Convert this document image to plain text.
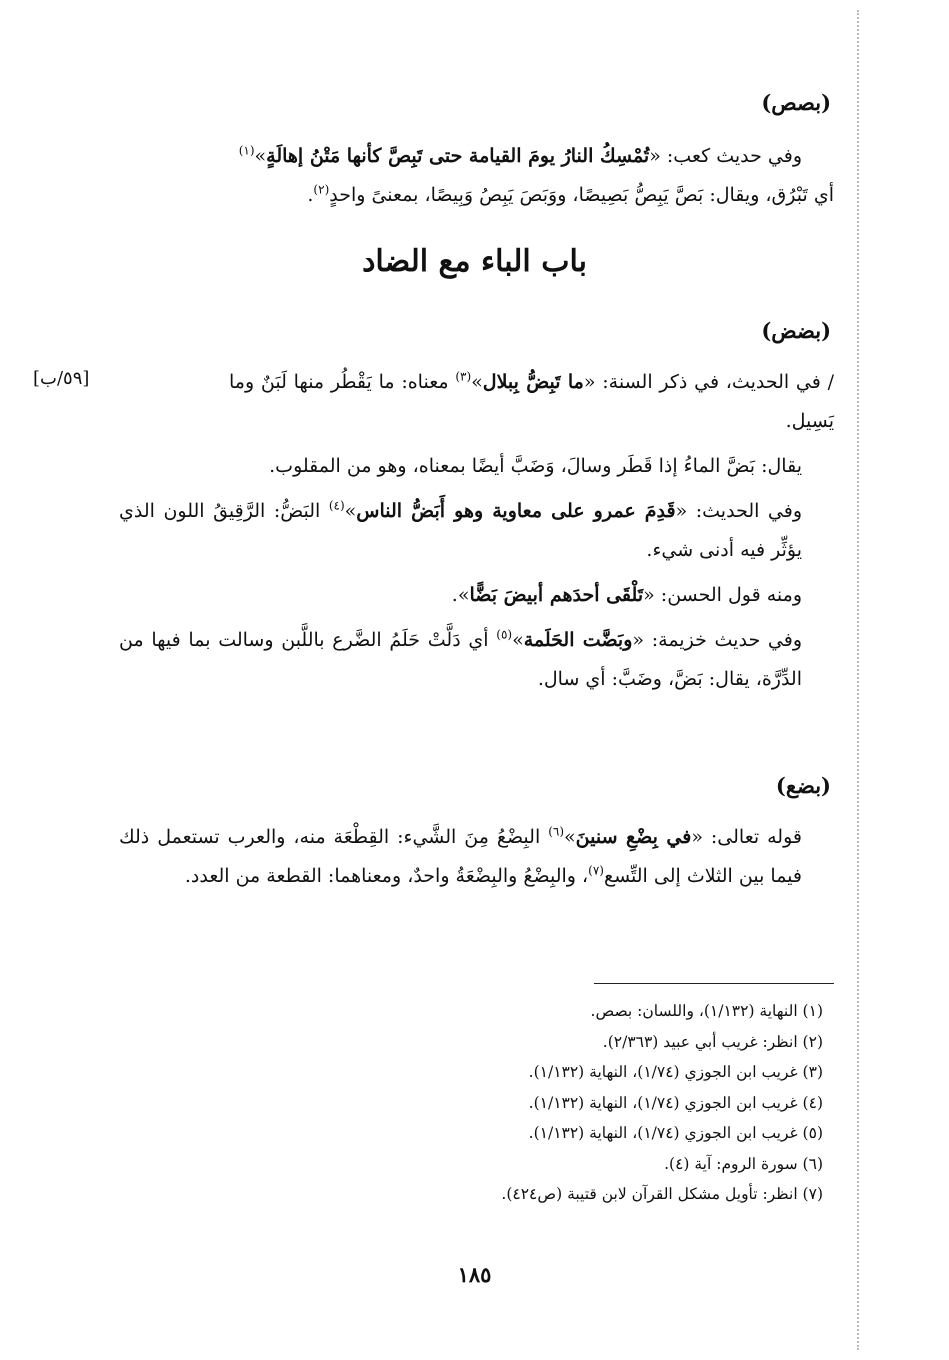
(بصص)
وفي حديث كعب: «تُمْسِكُ النارُ يومَ القيامة حتى تَبِصَّ كأنها مَتْنُ إهالَةٍ»$^{(١)}$
أي تَبْرُق، ويقال: بَصَّ يَبِصُّ بَصِيصًا، ووَبَصَ يَبِصُ وَبِيصًا، بمعنىً واحدٍ$^{(٢)}$.
باب الباء مع الضاد
(بضض)
[٥٩/ب]	/ في الحديث، في ذكر السنة: «ما تَبِضُّ بِبلال»$^{(٣)}$ معناه: ما يَقْطُر منها لَبَنٌ وما يَسِيل.
يقال: بَضَّ الماءُ إذا قَطَر وسالَ، وَضَبَّ أيضًا بمعناه، وهو من المقلوب.
وفي الحديث: «قَدِمَ عمرو على معاوية وهو أَبَضُّ الناس»$^{(٤)}$ البَضُّ: الرَّقِيقُ اللون الذي يؤثِّر فيه أدنى شيء.
ومنه قول الحسن: «تَلْقَى أحدَهم أبيضَ بَضًّا».
وفي حديث خزيمة: «وبَضَّت الحَلَمة»$^{(٥)}$ أي دَلَّتْ حَلَمُ الضَّرع باللَّبن وسالت بما فيها من الدِّرَّة، يقال: بَضَّ، وضَبَّ: أي سال.
(بضع)
قوله تعالى: «في بِضْعِ سنينَ»$^{(٦)}$ البِضْعُ مِنَ الشَّيء: القِطْعَة منه، والعرب تستعمل ذلك فيما بين الثلاث إلى التِّسع$^{(٧)}$، والبِضْعُ والبِضْعَةُ واحدٌ، ومعناهما: القطعة من العدد.
(١) النهاية (١/١٣٢)، واللسان: بصص.
(٢) انظر: غريب أبي عبيد (٢/٣٦٣).
(٣) غريب ابن الجوزي (١/٧٤)، النهاية (١/١٣٢).
(٤) غريب ابن الجوزي (١/٧٤)، النهاية (١/١٣٢).
(٥) غريب ابن الجوزي (١/٧٤)، النهاية (١/١٣٢).
(٦) سورة الروم: آية (٤).
(٧) انظر: تأويل مشكل القرآن لابن قتيبة (ص٤٢٤).
١٨٥
